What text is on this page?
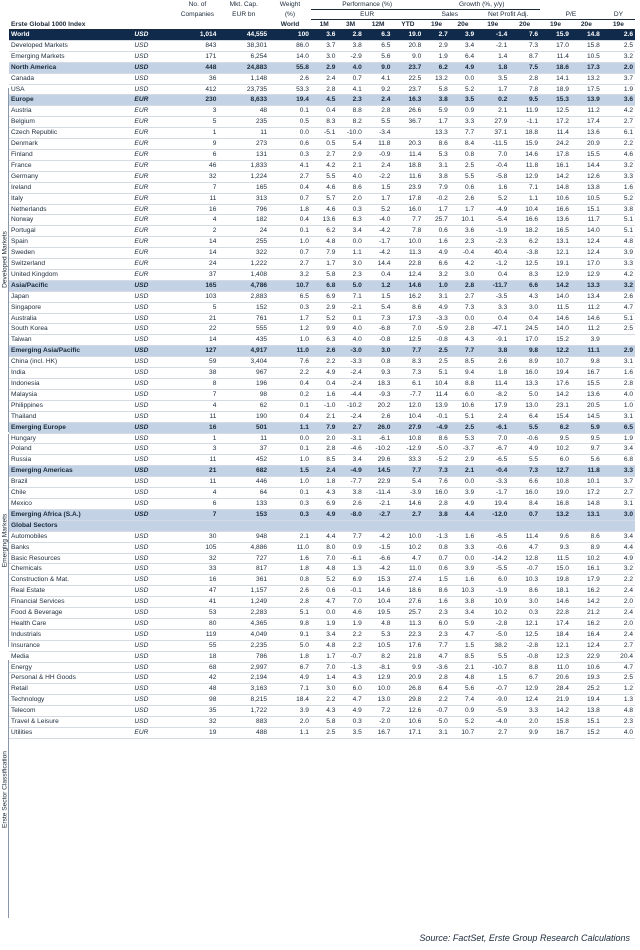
		No. of	Mkt. Cap.	Weight	Performance (%)				Growth (%, y/y)						
		Companies	EUR bn	(%)	EUR				Sales		Net Profit Adj.		P/E		DY
Erste Global 1000 Index				World	1M	3M	12M	YTD	19e	20e	19e	20e	19e	20e	19e
World	USD	1,014	44,555	100	3.6	2.8	6.3	19.0	2.7	3.9	-1.4	7.6	15.9	14.8	2.6
Developed Markets	USD	843	38,301	86.0	3.7	3.8	6.5	20.8	2.9	3.4	-2.1	7.3	17.0	15.8	2.5
Emerging Markets	USD	171	6,254	14.0	3.0	-2.9	5.6	9.0	1.9	6.4	1.4	8.7	11.4	10.5	3.2
North America	USD	448	24,883	55.8	2.9	4.0	9.0	23.7	6.2	4.9	1.8	7.5	18.6	17.3	2.0
Canada	USD	36	1,148	2.6	2.4	0.7	4.1	22.5	13.2	0.0	3.5	2.8	14.1	13.2	3.7
USA	USD	412	23,735	53.3	2.8	4.1	9.2	23.7	5.8	5.2	1.7	7.8	18.9	17.5	1.9
Europe	EUR	230	8,633	19.4	4.5	2.3	2.4	16.3	3.8	3.5	0.2	9.5	15.3	13.9	3.6
Austria	EUR	3	48	0.1	0.4	8.8	2.8	26.6	5.9	0.9	2.1	11.9	12.5	11.2	4.2
Belgium	EUR	5	235	0.5	8.3	8.2	5.5	36.7	1.7	3.3	27.9	-1.1	17.2	17.4	2.7
Czech Republic	EUR	1	11	0.0	-5.1	-10.0	-3.4		13.3	7.7	37.1	18.8	11.4	13.6	6.1
Denmark	EUR	9	273	0.6	0.5	5.4	11.8	20.3	8.6	8.4	-11.5	15.9	24.2	20.9	2.2
Finland	EUR	6	131	0.3	2.7	2.9	-0.9	11.4	5.3	0.8	7.0	14.6	17.8	15.5	4.6
France	EUR	46	1,833	4.1	4.2	2.1	2.4	18.8	3.1	2.5	-0.4	11.8	16.1	14.4	3.2
Germany	EUR	32	1,224	2.7	5.5	4.0	-2.2	11.6	3.8	5.5	-5.8	12.9	14.2	12.6	3.3
Ireland	EUR	7	165	0.4	4.6	8.6	1.5	23.9	7.9	0.6	1.6	7.1	14.8	13.8	1.6
Italy	EUR	11	313	0.7	5.7	2.0	1.7	17.8	-0.2	2.6	5.2	1.1	10.6	10.5	5.2
Netherlands	EUR	16	796	1.8	4.6	0.3	5.2	16.0	1.7	1.7	-4.9	10.4	16.6	15.1	3.8
Norway	EUR	4	182	0.4	13.6	6.3	-4.0	7.7	25.7	10.1	-5.4	16.6	13.6	11.7	5.1
Portugal	EUR	2	24	0.1	6.2	3.4	-4.2	7.8	0.6	3.6	-1.9	18.2	16.5	14.0	5.1
Spain	EUR	14	255	1.0	4.8	0.0	-1.7	10.0	1.6	2.3	-2.3	6.2	13.1	12.4	4.8
Sweden	EUR	14	322	0.7	7.9	1.1	-4.2	11.3	4.9	-0.4	40.4	-3.8	12.1	12.4	3.9
Switzerland	EUR	24	1,222	2.7	1.7	3.0	14.4	22.8	6.6	4.2	-1.2	12.5	19.1	17.0	3.3
United Kingdom	EUR	37	1,408	3.2	5.8	2.3	0.4	12.4	3.2	3.0	0.4	8.3	12.9	12.9	4.2
Asia/Pacific	USD	165	4,786	10.7	6.8	5.0	1.2	14.6	1.0	2.8	-11.7	6.6	14.2	13.3	3.2
Japan	USD	103	2,883	6.5	6.9	7.1	1.5	16.2	3.1	2.7	-3.5	4.3	14.0	13.4	2.6
Singapore	USD	5	152	0.3	2.9	-2.1	5.4	8.6	4.9	7.3	3.3	3.0	11.5	11.2	4.7
Australia	USD	21	761	1.7	5.2	0.1	7.3	17.3	-3.3	0.0	0.4	0.4	14.6	14.6	5.1
South Korea	USD	22	555	1.2	9.9	4.0	-6.8	7.0	-5.9	2.8	-47.1	24.5	14.0	11.2	2.5
Taiwan	USD	14	435	1.0	6.3	4.0	-0.8	12.5	-0.8	4.3	-9.1	17.0	15.2	3.9	
Emerging Asia/Pacific	USD	127	4,917	11.0	2.6	-3.0	3.0	7.7	2.5	7.7	3.8	9.8	12.2	11.1	2.9
China (incl. HK)	USD	59	3,404	7.6	2.2	-3.3	0.8	8.3	2.5	8.5	2.6	8.9	10.7	9.8	3.1
India	USD	38	967	2.2	4.9	-2.4	9.3	7.3	5.1	9.4	1.8	16.0	19.4	16.7	1.6
Indonesia	USD	8	196	0.4	0.4	-2.4	18.3	6.1	10.4	8.8	11.4	13.3	17.6	15.5	2.8
Malaysia	USD	7	98	0.2	1.6	-4.4	-9.3	-7.7	11.4	6.0	-8.2	5.0	14.2	13.6	4.0
Philippines	USD	4	62	0.1	-1.0	-10.2	20.2	12.0	13.9	10.6	17.9	13.0	23.1	20.5	1.0
Thailand	USD	11	190	0.4	2.1	-2.4	2.6	10.4	-0.1	5.1	2.4	6.4	15.4	14.5	3.1
Emerging Europe	USD	16	501	1.1	7.9	2.7	26.0	27.9	-4.9	2.5	-6.1	5.5	6.2	5.9	6.5
Hungary	USD	1	11	0.0	2.0	-3.1	-6.1	10.8	8.6	5.3	7.0	-0.6	9.5	9.5	1.9
Poland	USD	3	37	0.1	2.8	-4.6	-10.2	-12.9	-5.0	-3.7	-6.7	4.9	10.2	9.7	3.4
Russia	USD	11	452	1.0	8.5	3.4	29.6	33.3	-5.2	2.9	-6.5	5.5	6.0	5.6	6.8
Emerging Americas	USD	21	682	1.5	2.4	-4.9	14.5	7.7	7.3	2.1	-0.4	7.3	12.7	11.8	3.3
Brazil	USD	11	446	1.0	1.8	-7.7	22.9	5.4	7.6	0.0	-3.3	6.6	10.8	10.1	3.7
Chile	USD	4	64	0.1	4.3	3.8	-11.4	-3.9	16.0	3.9	-1.7	16.0	19.0	17.2	2.7
Mexico	USD	6	133	0.3	6.9	2.6	-2.1	14.6	2.8	4.9	19.4	8.4	16.8	14.8	3.1
Emerging Africa (S.A.)	USD	7	153	0.3	4.9	-8.0	-2.7	2.7	3.8	4.4	-12.0	0.7	13.2	13.1	3.0
Global Sectors															
Automobiles	USD	30	948	2.1	4.4	7.7	-4.2	10.0	-1.3	1.6	-6.5	11.4	9.6	8.6	3.4
Banks	USD	105	4,886	11.0	8.0	0.9	-1.5	10.2	0.8	3.3	-0.6	4.7	9.3	8.9	4.4
Basic Resources	USD	32	727	1.6	7.0	-6.1	-6.6	4.7	0.7	0.0	-14.2	12.8	11.5	10.2	4.9
Chemicals	USD	33	817	1.8	4.8	1.3	-4.2	11.0	0.6	3.9	-5.5	-0.7	15.0	16.1	3.2
Construction & Mat.	USD	16	361	0.8	5.2	6.9	15.3	27.4	1.5	1.6	6.0	10.3	19.8	17.9	2.2
Real Estate	USD	47	1,157	2.6	0.6	-0.1	14.6	18.6	8.6	10.3	-1.9	8.6	18.1	16.2	2.4
Financial Services	USD	41	1,249	2.8	4.7	7.0	10.4	27.6	1.6	3.8	10.9	3.0	14.6	14.2	2.0
Food & Beverage	USD	53	2,283	5.1	0.0	4.6	19.5	25.7	2.3	3.4	10.2	0.3	22.8	21.2	2.4
Health Care	USD	80	4,365	9.8	1.9	1.9	4.8	11.3	6.0	5.9	-2.8	12.1	17.4	16.2	2.0
Industrials	USD	119	4,049	9.1	3.4	2.2	5.3	22.3	2.3	4.7	-5.0	12.5	18.4	16.4	2.4
Insurance	USD	55	2,235	5.0	4.8	2.2	10.5	17.6	7.7	1.5	38.2	-2.8	12.1	12.4	2.7
Media	USD	18	786	1.8	1.7	-0.7	8.2	21.8	4.7	8.5	5.5	-0.8	12.3	22.9	20.4
Energy	USD	68	2,997	6.7	7.0	-1.3	-8.1	9.9	-3.6	2.1	-10.7	8.8	11.0	10.6	4.7
Personal & HH Goods	USD	42	2,194	4.9	1.4	4.3	12.9	20.9	2.8	4.8	1.5	6.7	20.6	19.3	2.5
Retail	USD	48	3,163	7.1	3.0	6.0	10.0	26.8	6.4	5.6	-0.7	12.9	28.4	25.2	1.2
Technology	USD	98	8,215	18.4	2.2	4.7	13.0	29.8	2.2	7.4	-9.0	12.4	21.9	19.4	1.3
Telecom	USD	35	1,722	3.9	4.3	4.9	7.2	12.6	-0.7	0.9	-5.9	3.3	14.2	13.8	4.8
Travel & Leisure	USD	32	883	2.0	5.8	0.3	-2.0	10.6	5.0	5.2	-4.0	2.0	15.8	15.1	2.3
Utilities	EUR	19	488	1.1	2.5	3.5	16.7	17.1	3.1	10.7	2.7	9.9	16.7	15.2	4.0
Developed Markets
Emerging Markets
Erste Sector Classification
Source: FactSet, Erste Group Research Calculations
